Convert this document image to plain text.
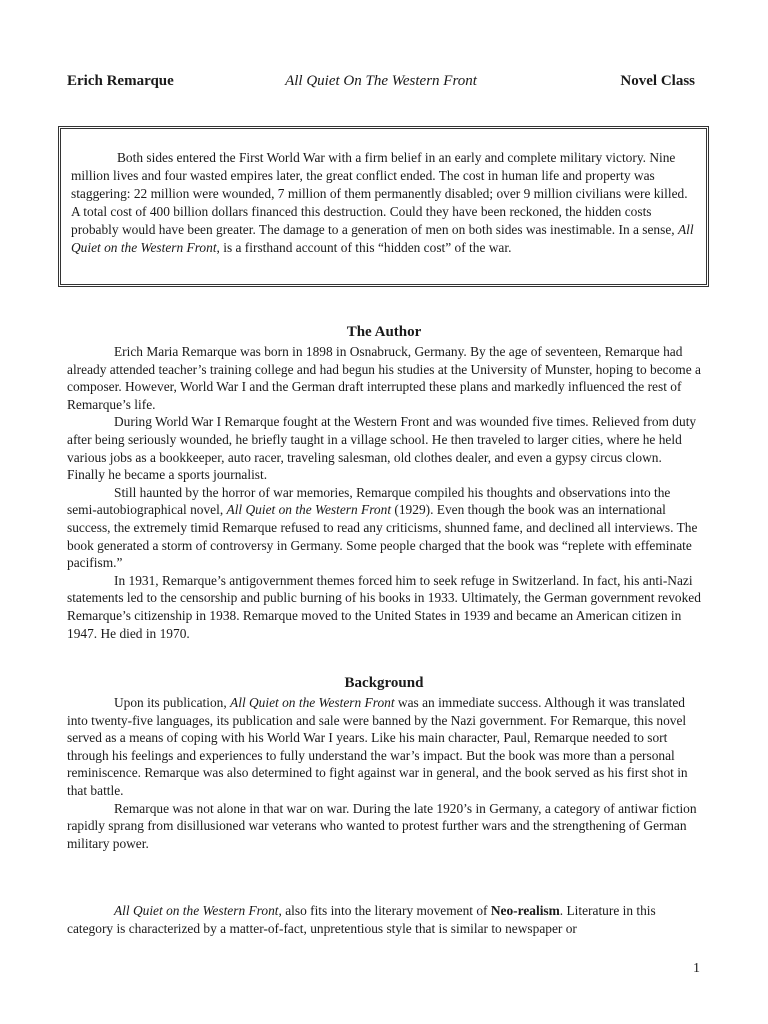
Erich Remarque	All Quiet On The Western Front	Novel Class

Both sides entered the First World War with a firm belief in an early and complete military victory. Nine million lives and four wasted empires later, the great conflict ended. The cost in human life and property was staggering: 22 million were wounded, 7 million of them permanently disabled; over 9 million civilians were killed. A total cost of 400 billion dollars financed this destruction. Could they have been reckoned, the hidden costs probably would have been greater. The damage to a generation of men on both sides was inestimable. In a sense, All Quiet on the Western Front, is a firsthand account of this “hidden cost” of the war.

The Author

Erich Maria Remarque was born in 1898 in Osnabruck, Germany. By the age of seventeen, Remarque had already attended teacher’s training college and had begun his studies at the University of Munster, hoping to become a composer. However, World War I and the German draft interrupted these plans and markedly influenced the rest of Remarque’s life.

During World War I Remarque fought at the Western Front and was wounded five times. Relieved from duty after being seriously wounded, he briefly taught in a village school. He then traveled to larger cities, where he held various jobs as a bookkeeper, auto racer, traveling salesman, old clothes dealer, and even a gypsy circus clown. Finally he became a sports journalist.

Still haunted by the horror of war memories, Remarque compiled his thoughts and observations into the semi-autobiographical novel, All Quiet on the Western Front (1929). Even though the book was an international success, the extremely timid Remarque refused to read any criticisms, shunned fame, and declined all interviews. The book generated a storm of controversy in Germany. Some people charged that the book was “replete with effeminate pacifism.”

In 1931, Remarque’s antigovernment themes forced him to seek refuge in Switzerland. In fact, his anti-Nazi statements led to the censorship and public burning of his books in 1933. Ultimately, the German government revoked Remarque’s citizenship in 1938. Remarque moved to the United States in 1939 and became an American citizen in 1947. He died in 1970.

Background

Upon its publication, All Quiet on the Western Front was an immediate success. Although it was translated into twenty-five languages, its publication and sale were banned by the Nazi government. For Remarque, this novel served as a means of coping with his World War I years. Like his main character, Paul, Remarque needed to sort through his feelings and experiences to fully understand the war’s impact. But the book was more than a personal reminiscence. Remarque was also determined to fight against war in general, and the book served as his first shot in that battle.

Remarque was not alone in that war on war. During the late 1920’s in Germany, a category of antiwar fiction rapidly sprang from disillusioned war veterans who wanted to protest further wars and the strengthening of German military power.

All Quiet on the Western Front, also fits into the literary movement of Neo-realism. Literature in this category is characterized by a matter-of-fact, unpretentious style that is similar to newspaper or

1
